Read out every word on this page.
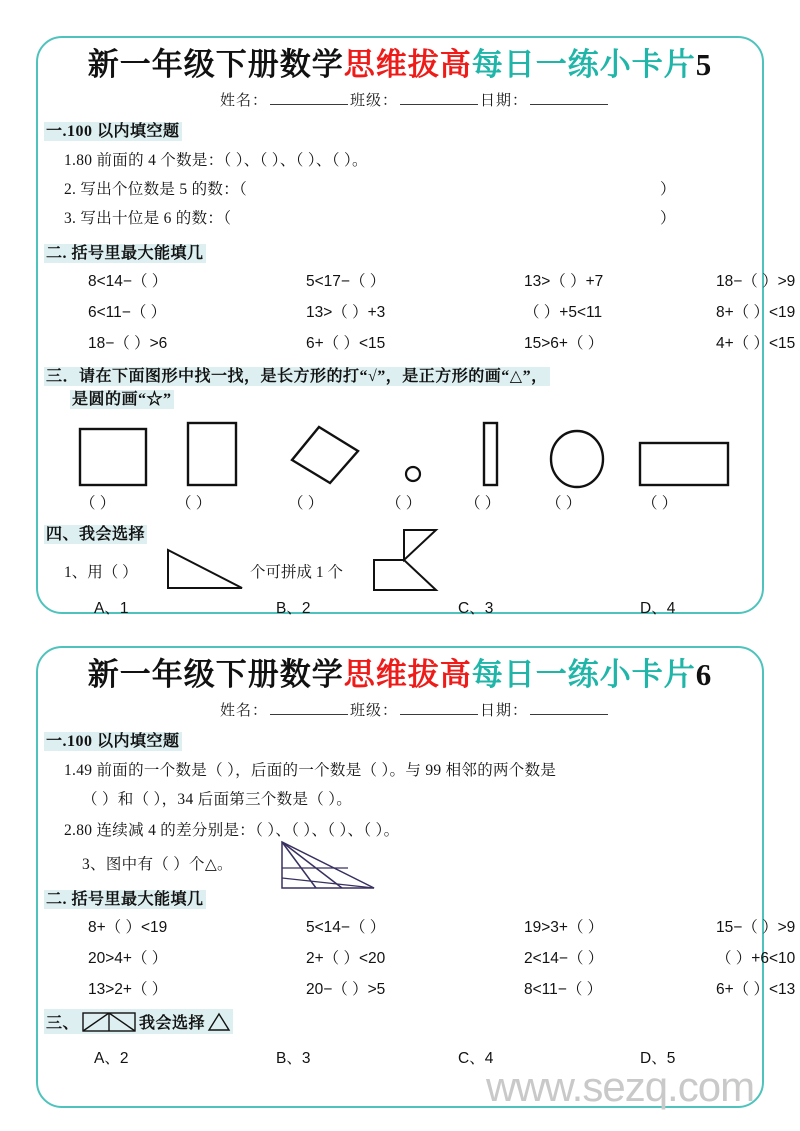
新一年级下册数学思维拔高每日一练小卡片5
姓名：	班级：	日期：
一.100 以内填空题
1.80 前面的 4 个数是：（ ）、（ ）、（ ）、（ ）。
2. 写出个位数是 5 的数：（	）
3. 写出十位是 6 的数：（	）
二. 括号里最大能填几
8<14−（ ）	5<17−（ ）	13>（ ）+7	18−（ ）>9
6<11−（ ）	13>（ ）+3	（ ）+5<11	8+（ ）<19
18−（ ）>6	6+（ ）<15	15>6+（ ）	4+（ ）<15
三．请在下面图形中找一找，是长方形的打“√”，是正方形的画“△”，
是圆的画“☆”
（ ）	（ ）	（ ）	（ ）	（ ）	（ ）	（ ）
四、我会选择
1、用（ ）	个可拼成 1 个
A、1	B、2	C、3	D、4
新一年级下册数学思维拔高每日一练小卡片6
姓名：	班级：	日期：
一.100 以内填空题
1.49 前面的一个数是（ ），后面的一个数是（ ）。与 99 相邻的两个数是
（ ）和（ ），34 后面第三个数是（ ）。
2.80 连续减 4 的差分别是：（ ）、（ ）、（ ）、（ ）。
3、图中有（ ）个△。
二. 括号里最大能填几
8+（ ）<19	5<14−（ ）	19>3+（ ）	15−（ ）>9
20>4+（ ）	2+（ ）<20	2<14−（ ）	（ ）+6<10
13>2+（ ）	20−（ ）>5	8<11−（ ）	6+（ ）<13
三、	我会选择
A、2	B、3	C、4	D、5
www.sezq.com
